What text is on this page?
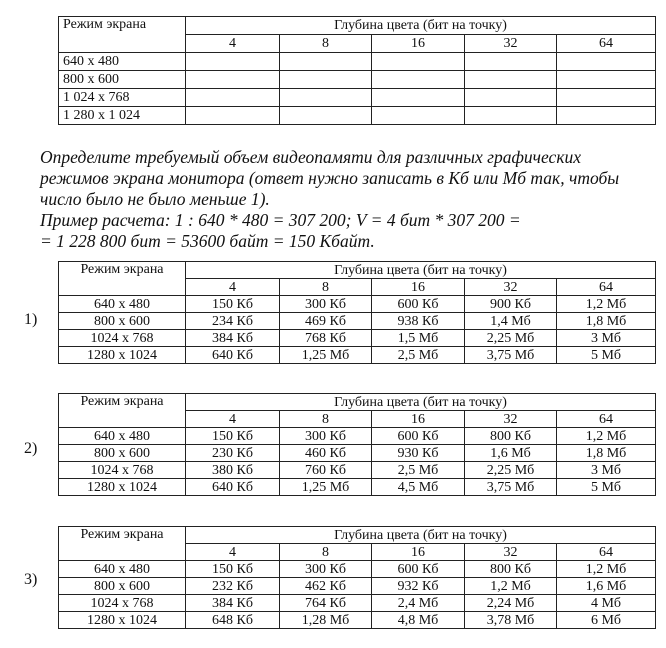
Режим экрана	Глубина цвета (бит на точку)				
	4	8	16	32	64
640 х 480					
800 х 600					
1 024 х 768					
1 280 х 1 024					

Определите требуемый объем видеопамяти для различных графических

режимов экрана монитора (ответ нужно записать в Кб или Мб так, чтобы

число было не было меньше 1).

Пример расчета: 1 : 640 * 480 = 307 200; V = 4 бит * 307 200 =

= 1 228 800 бит = 53600 байт = 150 Кбайт.

1)
Режим экрана	Глубина цвета (бит на точку)				
	4	8	16	32	64
640 х 480	150 Кб	300 Кб	600 Кб	900 Кб	1,2 Мб
800 х 600	234 Кб	469 Кб	938 Кб	1,4 Мб	1,8 Мб
1024 х 768	384 Кб	768 Кб	1,5 Мб	2,25 Мб	3 Мб
1280 х 1024	640 Кб	1,25 Мб	2,5 Мб	3,75 Мб	5 Мб
2)
Режим экрана	Глубина цвета (бит на точку)				
	4	8	16	32	64
640 х 480	150 Кб	300 Кб	600 Кб	800 Кб	1,2 Мб
800 х 600	230 Кб	460 Кб	930 Кб	1,6 Мб	1,8 Мб
1024 х 768	380 Кб	760 Кб	2,5 Мб	2,25 Мб	3 Мб
1280 х 1024	640 Кб	1,25 Мб	4,5 Мб	3,75 Мб	5 Мб
3)
Режим экрана	Глубина цвета (бит на точку)				
	4	8	16	32	64
640 х 480	150 Кб	300 Кб	600 Кб	800 Кб	1,2 Мб
800 х 600	232 Кб	462 Кб	932 Кб	1,2 Мб	1,6 Мб
1024 х 768	384 Кб	764 Кб	2,4 Мб	2,24 Мб	4 Мб
1280 х 1024	648 Кб	1,28 Мб	4,8 Мб	3,78 Мб	6 Мб
